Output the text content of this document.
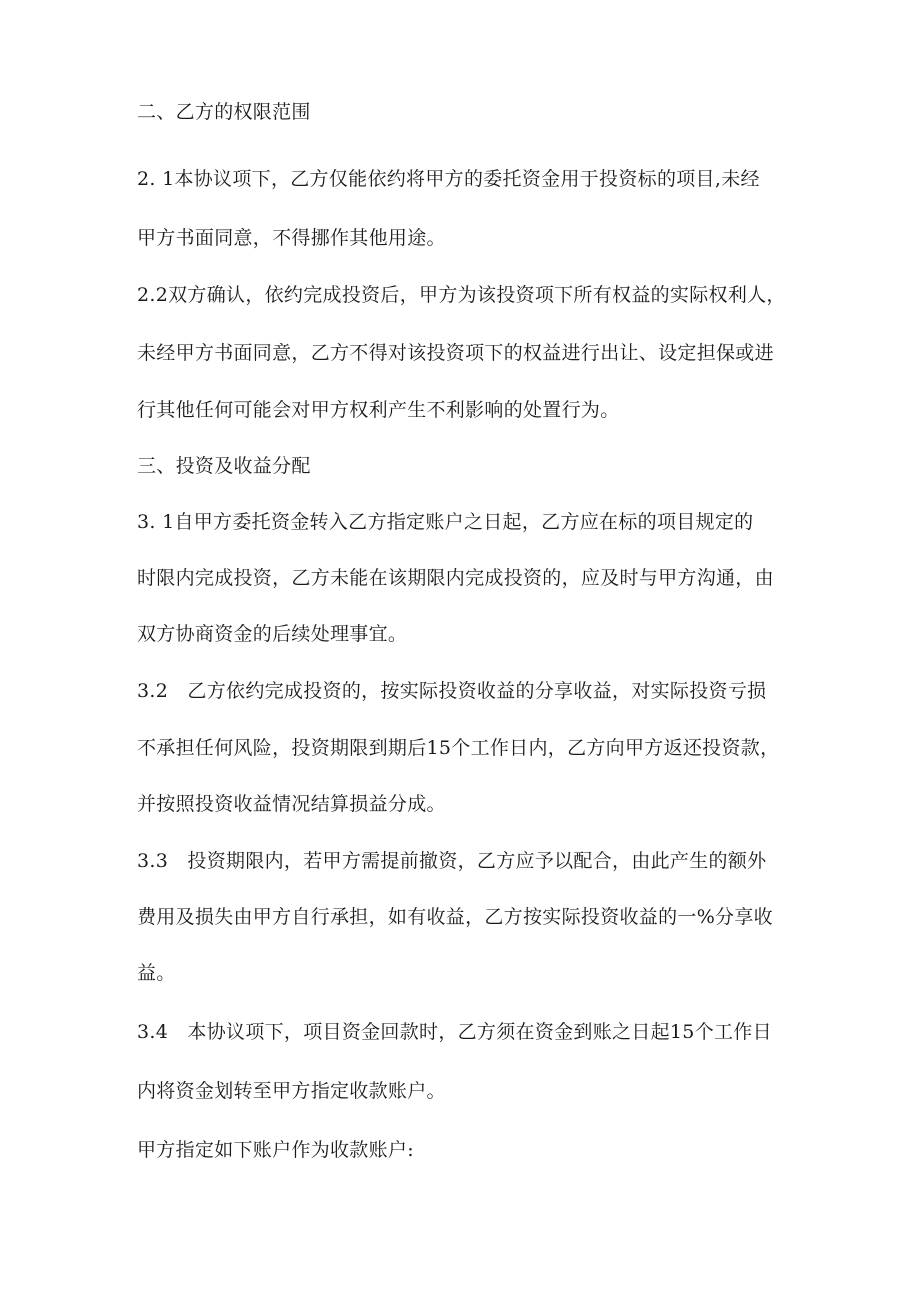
二、乙方的权限范围
2. 1本协议项下，乙方仅能依约将甲方的委托资金用于投资标的项目,未经
甲方书面同意，不得挪作其他用途。
2.2双方确认，依约完成投资后，甲方为该投资项下所有权益的实际权利人，
未经甲方书面同意，乙方不得对该投资项下的权益进行出让、设定担保或进
行其他任何可能会对甲方权利产生不利影响的处置行为。
三、投资及收益分配
3. 1自甲方委托资金转入乙方指定账户之日起，乙方应在标的项目规定的
时限内完成投资，乙方未能在该期限内完成投资的，应及时与甲方沟通，由
双方协商资金的后续处理事宜。
3.2　乙方依约完成投资的，按实际投资收益的分享收益，对实际投资亏损
不承担任何风险，投资期限到期后15个工作日内，乙方向甲方返还投资款，
并按照投资收益情况结算损益分成。
3.3　投资期限内，若甲方需提前撤资，乙方应予以配合，由此产生的额外
费用及损失由甲方自行承担，如有收益，乙方按实际投资收益的一%分享收
益。
3.4　本协议项下，项目资金回款时，乙方须在资金到账之日起15个工作日
内将资金划转至甲方指定收款账户。
甲方指定如下账户作为收款账户:
